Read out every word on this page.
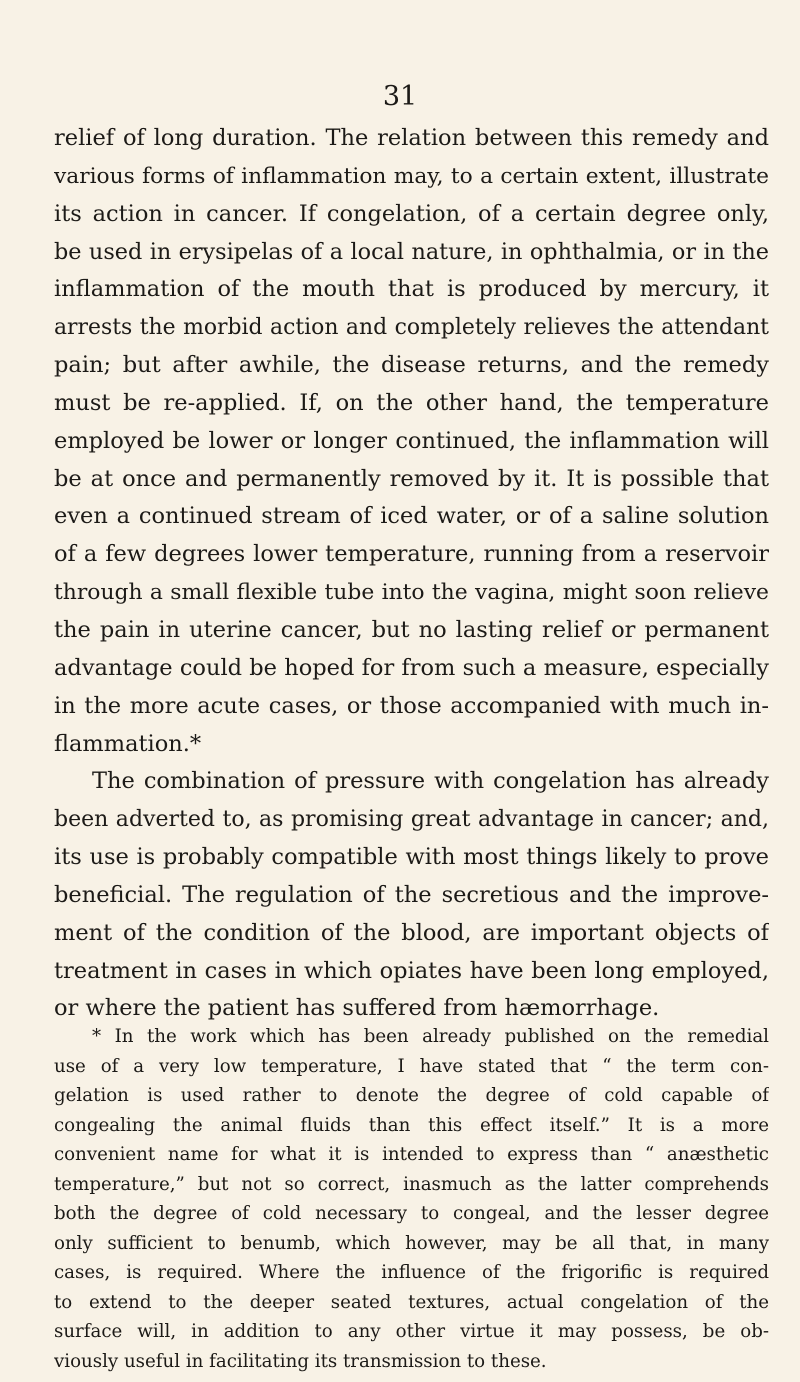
31
relief of long duration. The relation between this remedy and
various forms of inflammation may, to a certain extent, illustrate
its action in cancer. If congelation, of a certain degree only,
be used in erysipelas of a local nature, in ophthalmia, or in the
inflammation of the mouth that is produced by mercury, it
arrests the morbid action and completely relieves the attendant
pain; but after awhile, the disease returns, and the remedy
must be re-applied. If, on the other hand, the temperature
employed be lower or longer continued, the inflammation will
be at once and permanently removed by it. It is possible that
even a continued stream of iced water, or of a saline solution
of a few degrees lower temperature, running from a reservoir
through a small flexible tube into the vagina, might soon relieve
the pain in uterine cancer, but no lasting relief or permanent
advantage could be hoped for from such a measure, especially
in the more acute cases, or those accompanied with much in-
flammation.*
The combination of pressure with congelation has already
been adverted to, as promising great advantage in cancer; and,
its use is probably compatible with most things likely to prove
beneficial. The regulation of the secretious and the improve-
ment of the condition of the blood, are important objects of
treatment in cases in which opiates have been long employed,
or where the patient has suffered from hæmorrhage.
* In the work which has been already published on the remedial
use of a very low temperature, I have stated that “ the term con-
gelation is used rather to denote the degree of cold capable of
congealing the animal fluids than this effect itself.” It is a more
convenient name for what it is intended to express than “ anæsthetic
temperature,” but not so correct, inasmuch as the latter comprehends
both the degree of cold necessary to congeal, and the lesser degree
only sufficient to benumb, which however, may be all that, in many
cases, is required. Where the influence of the frigorific is required
to extend to the deeper seated textures, actual congelation of the
surface will, in addition to any other virtue it may possess, be ob-
viously useful in facilitating its transmission to these.
